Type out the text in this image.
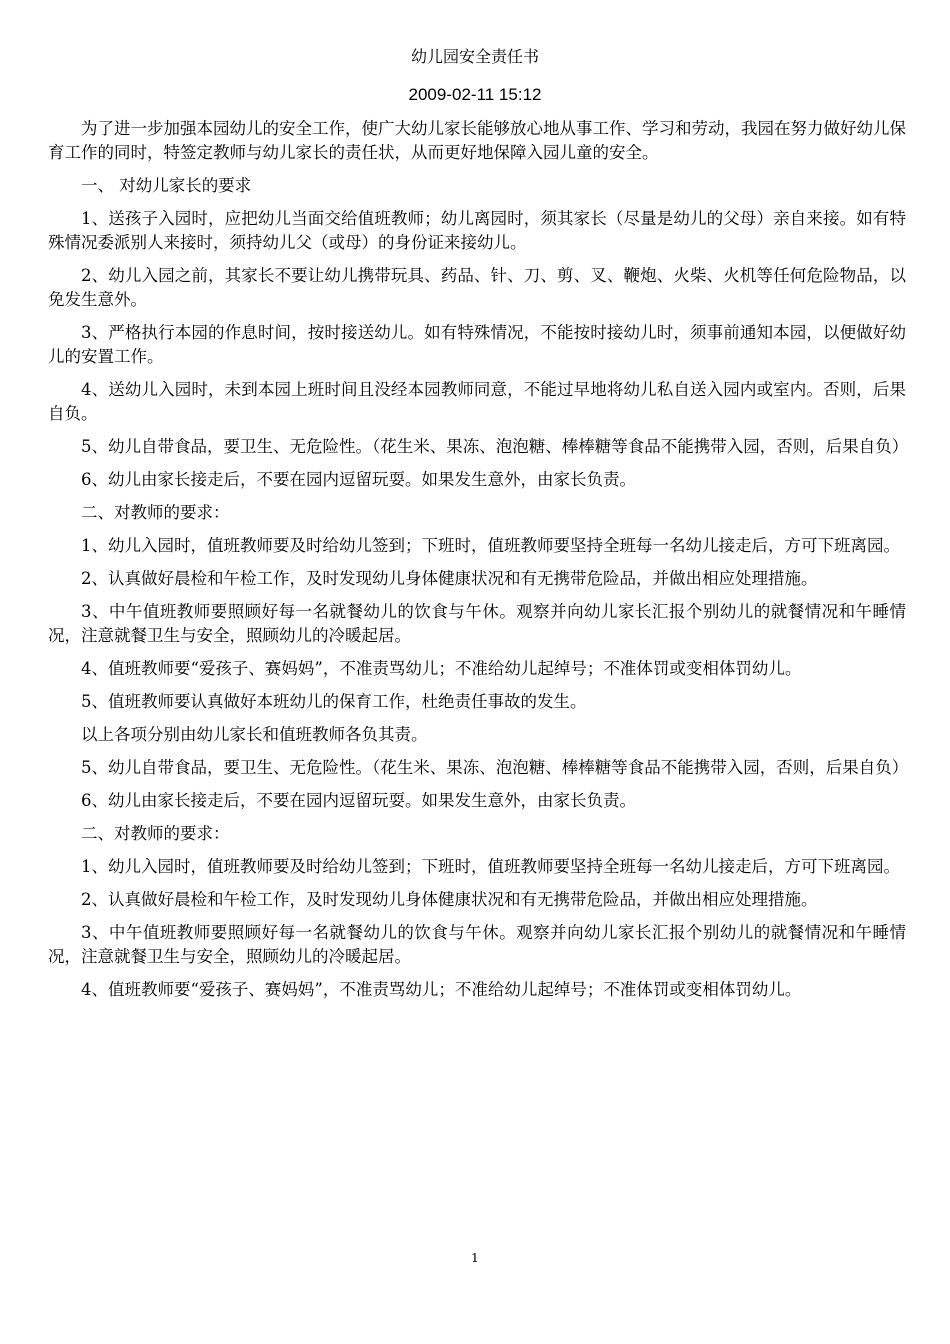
幼儿园安全责任书
2009-02-11 15:12

为了进一步加强本园幼儿的安全工作，使广大幼儿家长能够放心地从事工作、学习和劳动，我园在努力做好幼儿保育工作的同时，特签定教师与幼儿家长的责任状，从而更好地保障入园儿童的安全。

一、 对幼儿家长的要求

1、送孩子入园时，应把幼儿当面交给值班教师；幼儿离园时，须其家长（尽量是幼儿的父母）亲自来接。如有特殊情况委派别人来接时，须持幼儿父（或母）的身份证来接幼儿。

2、幼儿入园之前，其家长不要让幼儿携带玩具、药品、针、刀、剪、叉、鞭炮、火柴、火机等任何危险物品，以免发生意外。

3、严格执行本园的作息时间，按时接送幼儿。如有特殊情况，不能按时接幼儿时，须事前通知本园，以便做好幼儿的安置工作。

4、送幼儿入园时，未到本园上班时间且没经本园教师同意，不能过早地将幼儿私自送入园内或室内。否则，后果自负。

5、幼儿自带食品，要卫生、无危险性。（花生米、果冻、泡泡糖、棒棒糖等食品不能携带入园，否则，后果自负）

6、幼儿由家长接走后，不要在园内逗留玩耍。如果发生意外，由家长负责。

二、对教师的要求：

1、幼儿入园时，值班教师要及时给幼儿签到；下班时，值班教师要坚持全班每一名幼儿接走后，方可下班离园。

2、认真做好晨检和午检工作，及时发现幼儿身体健康状况和有无携带危险品，并做出相应处理措施。

3、中午值班教师要照顾好每一名就餐幼儿的饮食与午休。观察并向幼儿家长汇报个别幼儿的就餐情况和午睡情况，注意就餐卫生与安全，照顾幼儿的冷暖起居。

4、值班教师要“爱孩子、赛妈妈”，不准责骂幼儿；不准给幼儿起绰号；不准体罚或变相体罚幼儿。

5、值班教师要认真做好本班幼儿的保育工作，杜绝责任事故的发生。

以上各项分别由幼儿家长和值班教师各负其责。

5、幼儿自带食品，要卫生、无危险性。（花生米、果冻、泡泡糖、棒棒糖等食品不能携带入园，否则，后果自负）

6、幼儿由家长接走后，不要在园内逗留玩耍。如果发生意外，由家长负责。

二、对教师的要求：

1、幼儿入园时，值班教师要及时给幼儿签到；下班时，值班教师要坚持全班每一名幼儿接走后，方可下班离园。

2、认真做好晨检和午检工作，及时发现幼儿身体健康状况和有无携带危险品，并做出相应处理措施。

3、中午值班教师要照顾好每一名就餐幼儿的饮食与午休。观察并向幼儿家长汇报个别幼儿的就餐情况和午睡情况，注意就餐卫生与安全，照顾幼儿的冷暖起居。

4、值班教师要“爱孩子、赛妈妈”，不准责骂幼儿；不准给幼儿起绰号；不准体罚或变相体罚幼儿。

1
